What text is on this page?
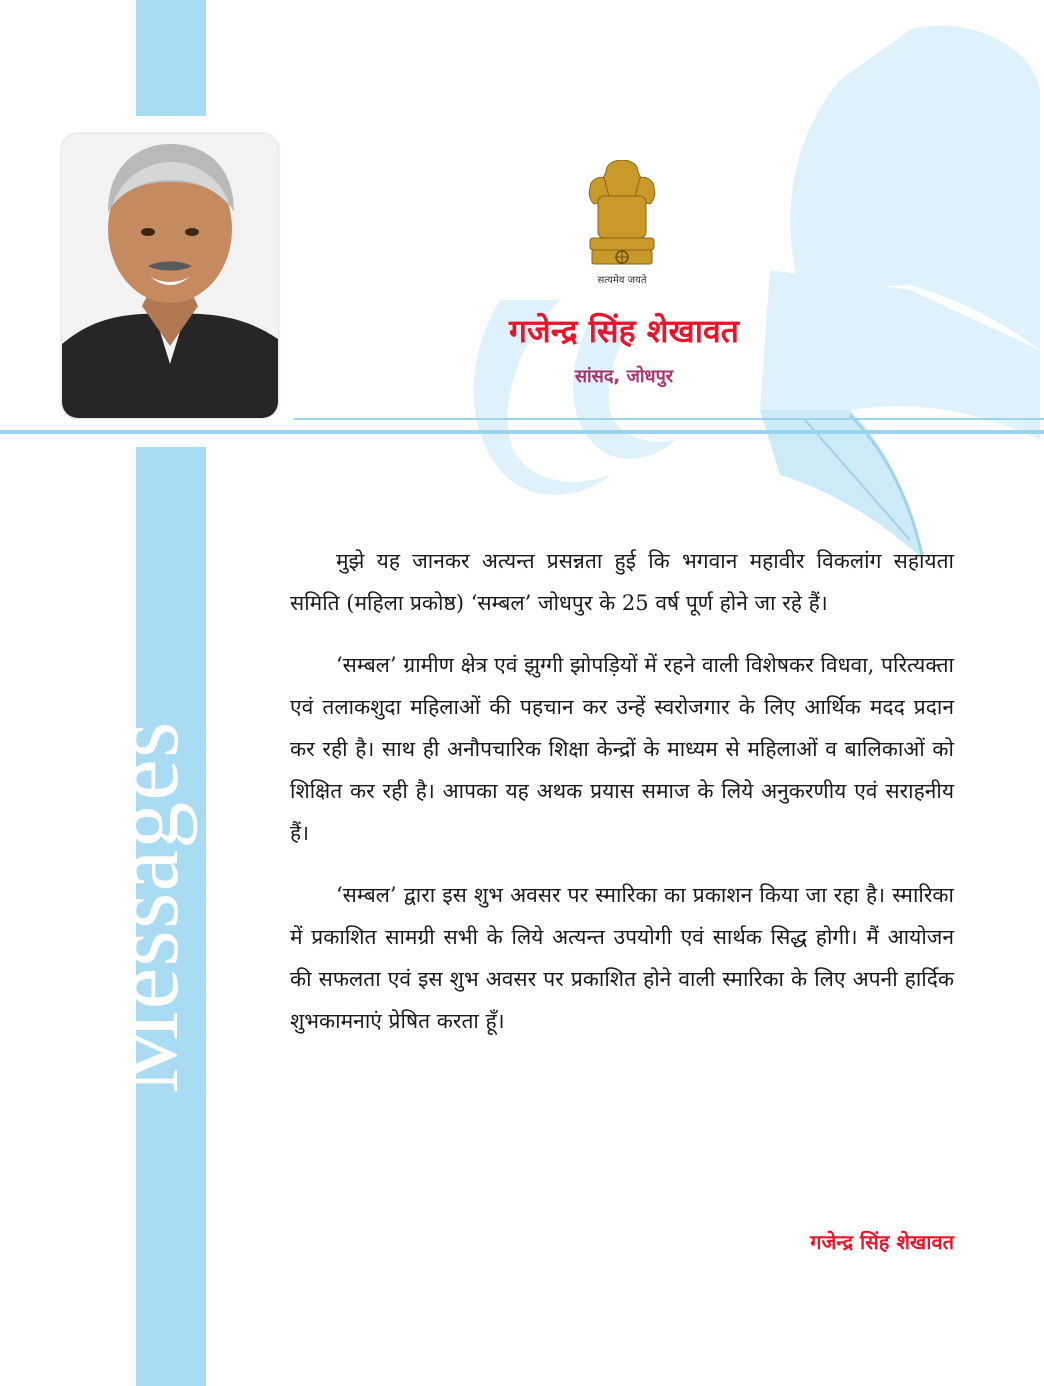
Messages
सत्यमेव जयते
गजेन्द्र सिंह शेखावत
सांसद, जोधपुर

मुझे यह जानकर अत्यन्त प्रसन्नता हुई कि भगवान महावीर विकलांग सहायता समिति (महिला प्रकोष्ठ) ‘सम्बल’ जोधपुर के 25 वर्ष पूर्ण होने जा रहे हैं।

‘सम्बल’ ग्रामीण क्षेत्र एवं झुग्गी झोपड़ियों में रहने वाली विशेषकर विधवा, परित्यक्ता एवं तलाकशुदा महिलाओं की पहचान कर उन्हें स्वरोजगार के लिए आर्थिक मदद प्रदान कर रही है। साथ ही अनौपचारिक शिक्षा केन्द्रों के माध्यम से महिलाओं व बालिकाओं को शिक्षित कर रही है। आपका यह अथक प्रयास समाज के लिये अनुकरणीय एवं सराहनीय हैं।

‘सम्बल’ द्वारा इस शुभ अवसर पर स्मारिका का प्रकाशन किया जा रहा है। स्मारिका में प्रकाशित सामग्री सभी के लिये अत्यन्त उपयोगी एवं सार्थक सिद्ध होगी। मैं आयोजन की सफलता एवं इस शुभ अवसर पर प्रकाशित होने वाली स्मारिका के लिए अपनी हार्दिक शुभकामनाएं प्रेषित करता हूँ।

गजेन्द्र सिंह शेखावत
